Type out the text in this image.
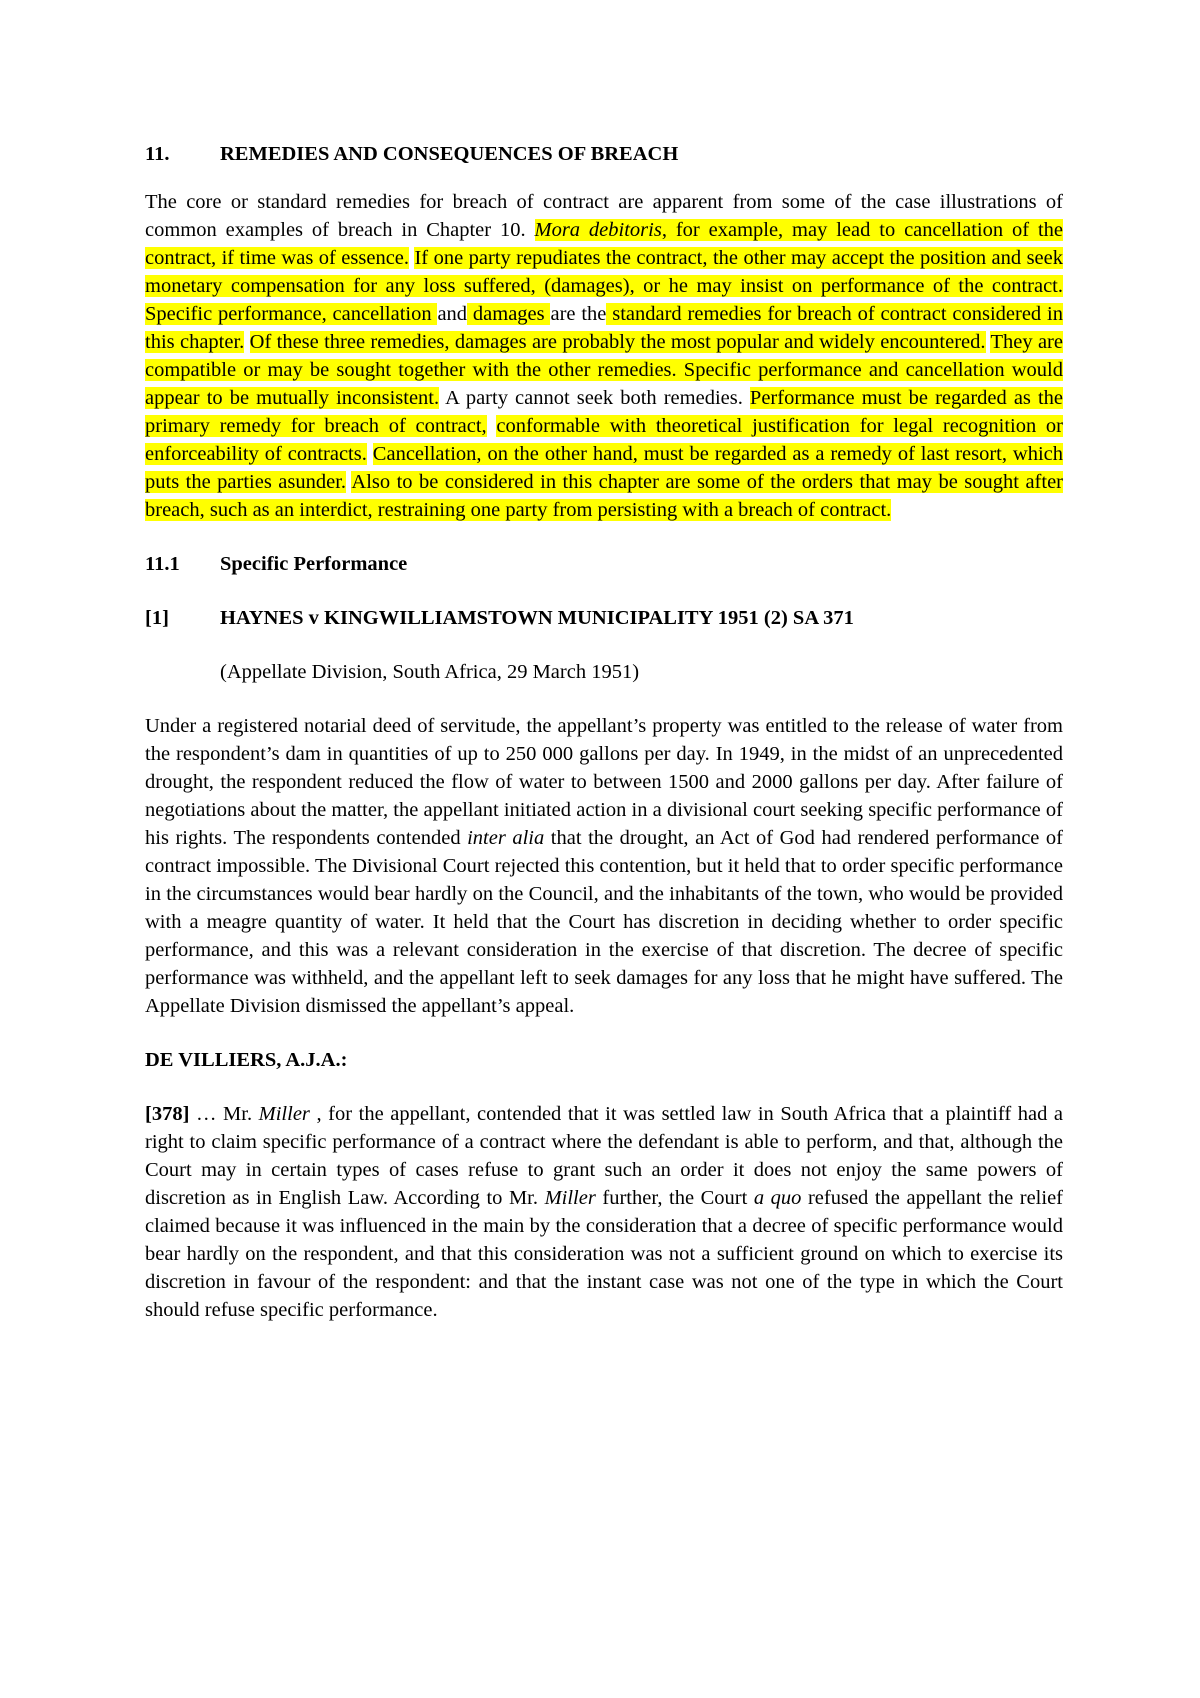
11.	REMEDIES AND CONSEQUENCES OF BREACH

The core or standard remedies for breach of contract are apparent from some of the case illustrations of common examples of breach in Chapter 10. Mora debitoris, for example, may lead to cancellation of the contract, if time was of essence. If one party repudiates the contract, the other may accept the position and seek monetary compensation for any loss suffered, (damages), or he may insist on performance of the contract. Specific performance, cancellation and damages are the standard remedies for breach of contract considered in this chapter. Of these three remedies, damages are probably the most popular and widely encountered. They are compatible or may be sought together with the other remedies. Specific performance and cancellation would appear to be mutually inconsistent. A party cannot seek both remedies. Performance must be regarded as the primary remedy for breach of contract, conformable with theoretical justification for legal recognition or enforceability of contracts. Cancellation, on the other hand, must be regarded as a remedy of last resort, which puts the parties asunder. Also to be considered in this chapter are some of the orders that may be sought after breach, such as an interdict, restraining one party from persisting with a breach of contract.

11.1	Specific Performance
[1]	HAYNES v KINGWILLIAMSTOWN MUNICIPALITY 1951 (2) SA 371

(Appellate Division, South Africa, 29 March 1951)

Under a registered notarial deed of servitude, the appellant’s property was entitled to the release of water from the respondent’s dam in quantities of up to 250 000 gallons per day. In 1949, in the midst of an unprecedented drought, the respondent reduced the flow of water to between 1500 and 2000 gallons per day. After failure of negotiations about the matter, the appellant initiated action in a divisional court seeking specific performance of his rights. The respondents contended inter alia that the drought, an Act of God had rendered performance of contract impossible. The Divisional Court rejected this contention, but it held that to order specific performance in the circumstances would bear hardly on the Council, and the inhabitants of the town, who would be provided with a meagre quantity of water. It held that the Court has discretion in deciding whether to order specific performance, and this was a relevant consideration in the exercise of that discretion. The decree of specific performance was withheld, and the appellant left to seek damages for any loss that he might have suffered. The Appellate Division dismissed the appellant’s appeal.

DE VILLIERS, A.J.A.:

[378] … Mr. Miller , for the appellant, contended that it was settled law in South Africa that a plaintiff had a right to claim specific performance of a contract where the defendant is able to perform, and that, although the Court may in certain types of cases refuse to grant such an order it does not enjoy the same powers of discretion as in English Law. According to Mr. Miller further, the Court a quo refused the appellant the relief claimed because it was influenced in the main by the consideration that a decree of specific performance would bear hardly on the respondent, and that this consideration was not a sufficient ground on which to exercise its discretion in favour of the respondent: and that the instant case was not one of the type in which the Court should refuse specific performance.
